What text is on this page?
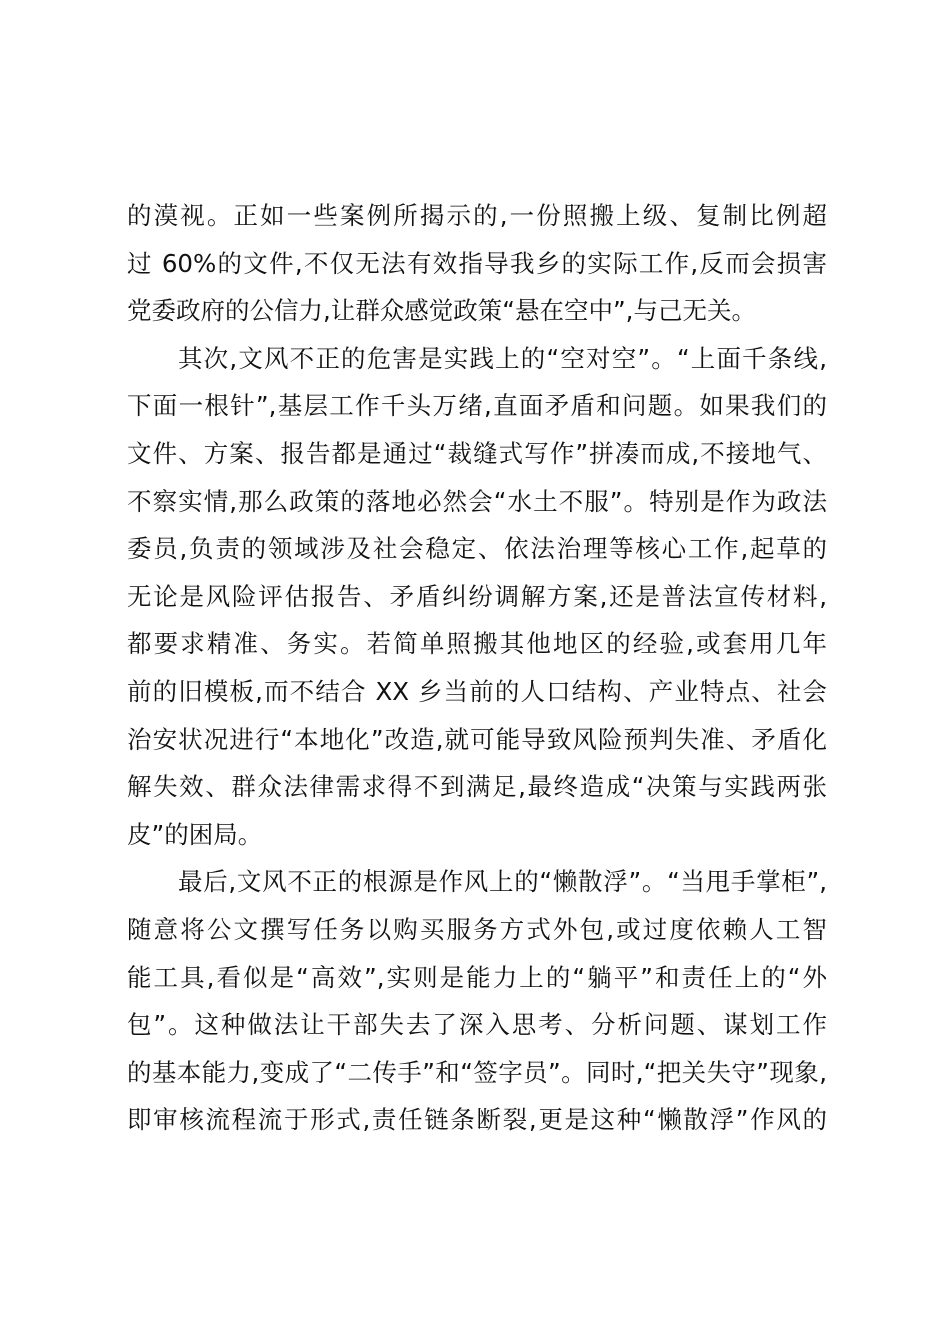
的漠视。正如一些案例所揭示的,一份照搬上级、复制比例超
过 60%的文件,不仅无法有效指导我乡的实际工作,反而会损害
党委政府的公信力,让群众感觉政策“悬在空中”,与己无关。
其次,文风不正的危害是实践上的“空对空”。“上面千条线,
下面一根针”,基层工作千头万绪,直面矛盾和问题。如果我们的
文件、方案、报告都是通过“裁缝式写作”拼凑而成,不接地气、
不察实情,那么政策的落地必然会“水土不服”。特别是作为政法
委员,负责的领域涉及社会稳定、依法治理等核心工作,起草的
无论是风险评估报告、矛盾纠纷调解方案,还是普法宣传材料,
都要求精准、务实。若简单照搬其他地区的经验,或套用几年
前的旧模板,而不结合 XX 乡当前的人口结构、产业特点、社会
治安状况进行“本地化”改造,就可能导致风险预判失准、矛盾化
解失效、群众法律需求得不到满足,最终造成“决策与实践两张
皮”的困局。
最后,文风不正的根源是作风上的“懒散浮”。“当甩手掌柜”,
随意将公文撰写任务以购买服务方式外包,或过度依赖人工智
能工具,看似是“高效”,实则是能力上的“躺平”和责任上的“外
包”。这种做法让干部失去了深入思考、分析问题、谋划工作
的基本能力,变成了“二传手”和“签字员”。同时,“把关失守”现象,
即审核流程流于形式,责任链条断裂,更是这种“懒散浮”作风的
